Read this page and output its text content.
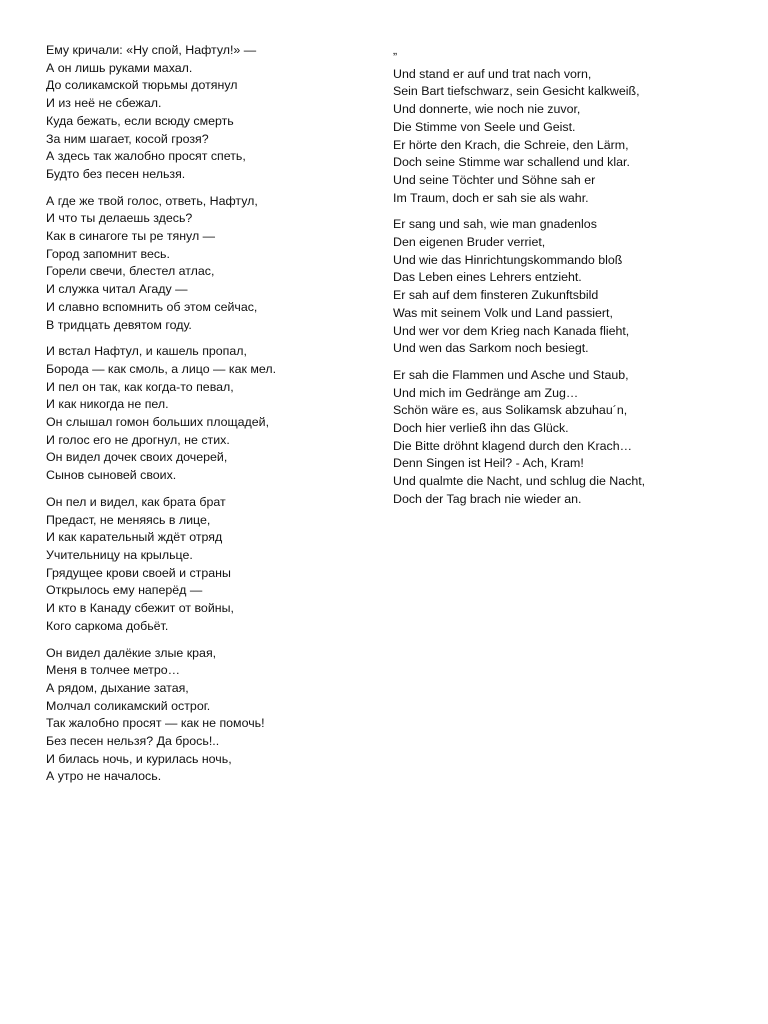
Ему кричали: «Ну спой, Нафтул!» —
А он лишь руками махал.
До соликамской тюрьмы дотянул
И из неё не сбежал.
Куда бежать, если всюду смерть
За ним шагает, косой грозя?
А здесь так жалобно просят спеть,
Будто без песен нельзя.
А где же твой голос, ответь, Нафтул,
И что ты делаешь здесь?
Как в синагоге ты ре тянул —
Город запомнит весь.
Горели свечи, блестел атлас,
И служка читал Агаду —
И славно вспомнить об этом сейчас,
В тридцать девятом году.
И встал Нафтул, и кашель пропал,
Борода — как смоль, а лицо — как мел.
И пел он так, как когда-то певал,
И как никогда не пел.
Он слышал гомон больших площадей,
И голос его не дрогнул, не стих.
Он видел дочек своих дочерей,
Сынов сыновей своих.
Он пел и видел, как брата брат
Предаст, не меняясь в лице,
И как карательный ждёт отряд
Учительницу на крыльце.
Грядущее крови своей и страны
Открылось ему наперёд —
И кто в Канаду сбежит от войны,
Кого саркома добьёт.
Он видел далёкие злые края,
Меня в толчее метро…
А рядом, дыхание затая,
Молчал соликамский острог.
Так жалобно просят — как не помочь!
Без песен нельзя? Да брось!..
И билась ночь, и курилась ночь,
А утро не началось.
„
Und stand er auf und trat nach vorn,
Sein Bart tiefschwarz, sein Gesicht kalkweiß,
Und donnerte, wie noch nie zuvor,
Die Stimme von Seele und Geist.
Er hörte den Krach, die Schreie, den Lärm,
Doch seine Stimme war schallend und klar.
Und seine Töchter und Söhne sah er
Im Traum, doch er sah sie als wahr.
Er sang und sah, wie man gnadenlos
Den eigenen Bruder verriet,
Und wie das Hinrichtungskommando bloß
Das Leben eines Lehrers entzieht.
Er sah auf dem finsteren Zukunftsbild
Was mit seinem Volk und Land passiert,
Und wer vor dem Krieg nach Kanada flieht,
Und wen das Sarkom noch besiegt.
Er sah die Flammen und Asche und Staub,
Und mich im Gedränge am Zug…
Schön wäre es, aus Solikamsk abzuhau´n,
Doch hier verließ ihn das Glück.
Die Bitte dröhnt klagend durch den Krach…
Denn Singen ist Heil? - Ach, Kram!
Und qualmte die Nacht, und schlug die Nacht,
Doch der Tag brach nie wieder an.
